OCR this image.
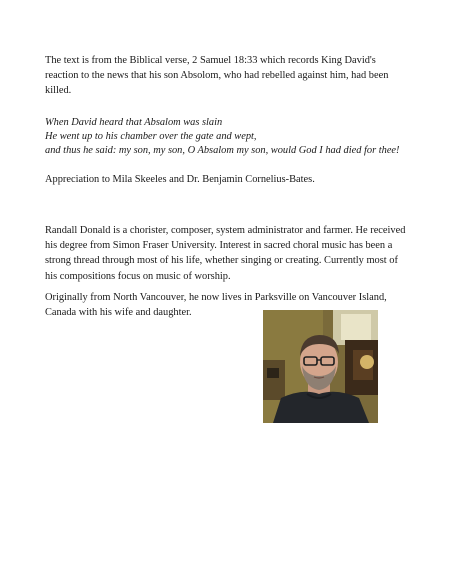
The text is from the Biblical verse, 2 Samuel 18:33 which records King David's reaction to the news that his son Absolom, who had rebelled against him, had been killed.

When David heard that Absalom was slain
He went up to his chamber over the gate and wept,
and thus he said: my son, my son, O Absalom my son, would God I had died for thee!

Appreciation to Mila Skeeles and Dr. Benjamin Cornelius-Bates.

Randall Donald is a chorister, composer, system administrator and farmer. He received his degree from Simon Fraser University. Interest in sacred choral music has been a strong thread through most of his life, whether singing or creating. Currently most of his compositions focus on music of worship.

Originally from North Vancouver, he now lives in Parksville on Vancouver Island, Canada with his wife and daughter.
